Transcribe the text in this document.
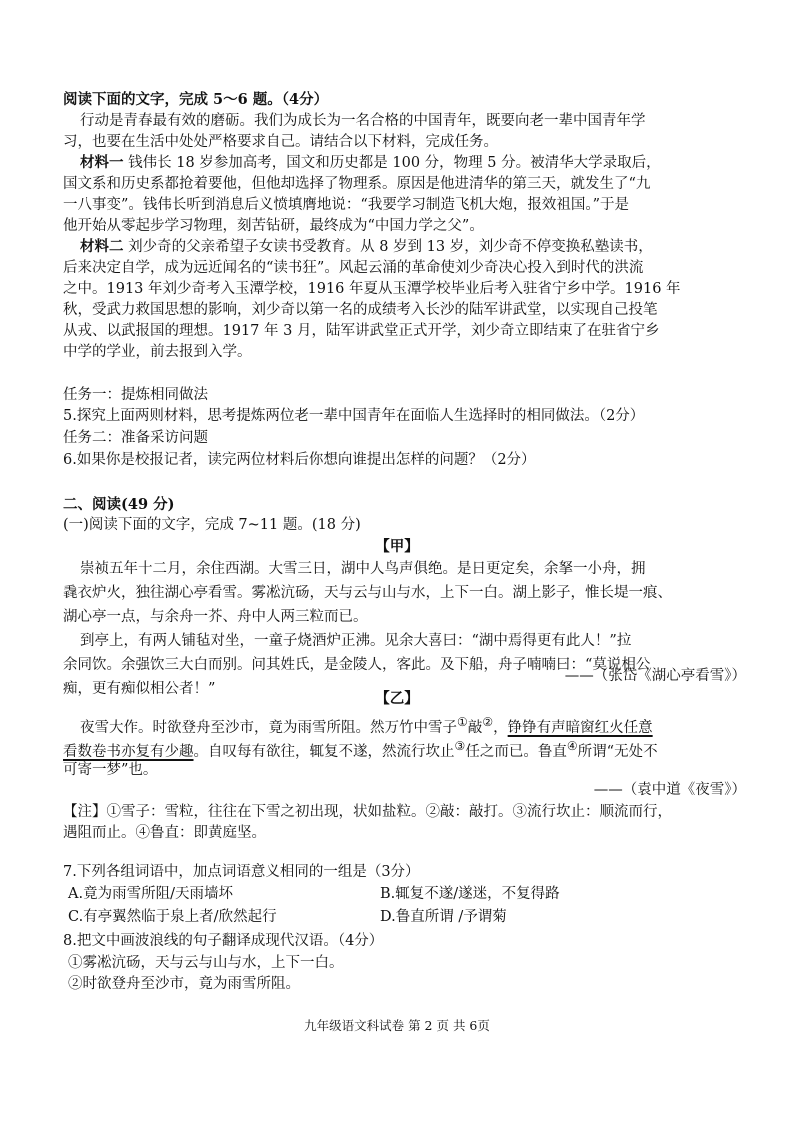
阅读下面的文字，完成 5～6 题。（4分）

行动是青春最有效的磨砺。我们为成长为一名合格的中国青年，既要向老一辈中国青年学

习，也要在生活中处处严格要求自己。请结合以下材料，完成任务。

材料一 钱伟长 18 岁参加高考，国文和历史都是 100 分，物理 5 分。被清华大学录取后，

国文系和历史系都抢着要他，但他却选择了物理系。原因是他进清华的第三天，就发生了“九

一八事变”。钱伟长听到消息后义愤填膺地说：“我要学习制造飞机大炮，报效祖国。”于是

他开始从零起步学习物理，刻苦钻研，最终成为“中国力学之父”。

材料二 刘少奇的父亲希望子女读书受教育。从 8 岁到 13 岁，刘少奇不停变换私塾读书，

后来决定自学，成为远近闻名的“读书狂”。风起云涌的革命使刘少奇决心投入到时代的洪流

之中。1913 年刘少奇考入玉潭学校，1916 年夏从玉潭学校毕业后考入驻省宁乡中学。1916 年

秋，受武力救国思想的影响，刘少奇以第一名的成绩考入长沙的陆军讲武堂，以实现自己投笔

从戎、以武报国的理想。1917 年 3 月，陆军讲武堂正式开学，刘少奇立即结束了在驻省宁乡

中学的学业，前去报到入学。

任务一：提炼相同做法

5.探究上面两则材料，思考提炼两位老一辈中国青年在面临人生选择时的相同做法。（2分）

任务二：准备采访问题

6.如果你是校报记者，读完两位材料后你想向谁提出怎样的问题？（2分）

二、阅读(49 分)

(一)阅读下面的文字，完成 7~11 题。(18 分)

【甲】

崇祯五年十二月，余住西湖。大雪三日，湖中人鸟声俱绝。是日更定矣，余拏一小舟，拥

毳衣炉火，独往湖心亭看雪。雾凇沆砀，天与云与山与水，上下一白。湖上影子，惟长堤一痕、

湖心亭一点，与余舟一芥、舟中人两三粒而已。

到亭上，有两人铺毡对坐，一童子烧酒炉正沸。见余大喜曰：“湖中焉得更有此人！”拉

余同饮。余强饮三大白而别。问其姓氏，是金陵人，客此。及下船，舟子喃喃曰：“莫说相公

痴，更有痴似相公者！”

——（张岱《湖心亭看雪》）

【乙】

夜雪大作。时欲登舟至沙市，竟为雨雪所阻。然万竹中雪子①敲②，铮铮有声暗窗红火任意

看数卷书亦复有少趣。自叹每有欲往，辄复不遂，然流行坎止③任之而已。鲁直④所谓“无处不

可寄一梦”也。

——（袁中道《夜雪》）

【注】①雪子：雪粒，往往在下雪之初出现，状如盐粒。②敲：敲打。③流行坎止：顺流而行，

遇阻而止。④鲁直：即黄庭坚。

7.下列各组词语中，加点词语意义相同的一组是（3分）

A.竟为雨雪所阻/天雨墙坏	B.辄复不遂/遂迷，不复得路

C.有亭翼然临于泉上者/欣然起行	D.鲁直所谓 /予谓菊

8.把文中画波浪线的句子翻译成现代汉语。（4分）

①雾凇沆砀，天与云与山与水，上下一白。

②时欲登舟至沙市，竟为雨雪所阻。

九年级语文科试卷 第 2 页 共 6页
